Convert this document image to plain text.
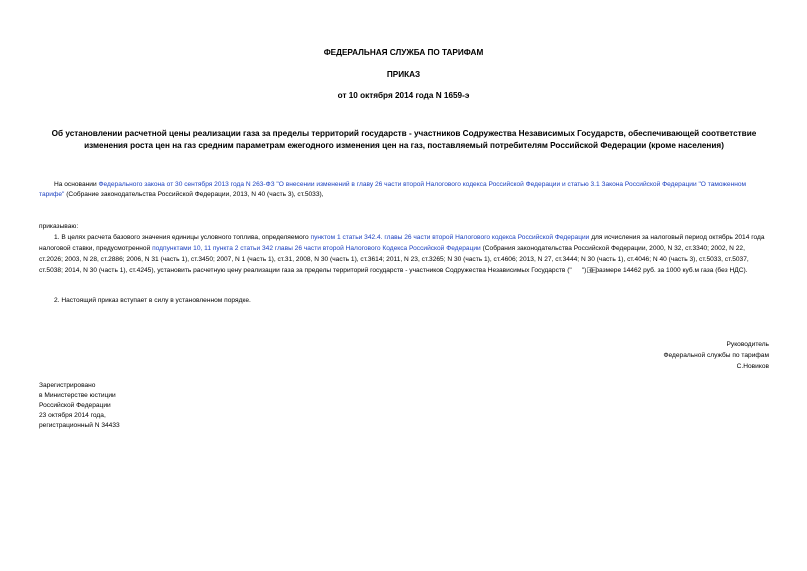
ФЕДЕРАЛЬНАЯ СЛУЖБА ПО ТАРИФАМ
ПРИКАЗ
от 10 октября 2014 года N 1659-э
Об установлении расчетной цены реализации газа за пределы территорий государств - участников Содружества Независимых Государств, обеспечивающей соответствие изменения роста цен на газ средним параметрам ежегодного изменения цен на газ, поставляемый потребителям Российской Федерации (кроме населения)
На основании Федерального закона от 30 сентября 2013 года N 263-ФЗ "О внесении изменений в главу 26 части второй Налогового кодекса Российской Федерации и статью 3.1 Закона Российской Федерации "О таможенном тарифе" (Собрание законодательства Российской Федерации, 2013, N 40 (часть 3), ст.5033),
приказываю:
1. В целях расчета базового значения единицы условного топлива, определяемого пунктом 1 статьи 342.4. главы 26 части второй Налогового кодекса Российской Федерации для исчисления за налоговый период октябрь 2014 года налоговой ставки, предусмотренной подпунктами 10, 11 пункта 2 статьи 342 главы 26 части второй Налогового Кодекса Российской Федерации (Собрания законодательства Российской Федерации, 2000, N 32, ст.3340; 2002, N 22, ст.2026; 2003, N 28, ст.2886; 2006, N 31 (часть 1), ст.3450; 2007, N 1 (часть 1), ст.31, 2008, N 30 (часть 1), ст.3614; 2011, N 23, ст.3265; N 30 (часть 1), ст.4606; 2013, N 27, ст.3444; N 30 (часть 1), ст.4046; N 40 (часть 3), ст.5033, ст.5037, ст.5038; 2014, N 30 (часть 1), ст.4245), установить расчетную цену реализации газа за пределы территорий государств - участников Содружества Независимых Государств (" "), в размере 14462 руб. за 1000 куб.м газа (без НДС).
2. Настоящий приказ вступает в силу в установленном порядке.
Руководитель
Федеральной службы по тарифам
С.Новиков
Зарегистрировано
в Министерстве юстиции
Российской Федерации
23 октября 2014 года,
регистрационный N 34433
